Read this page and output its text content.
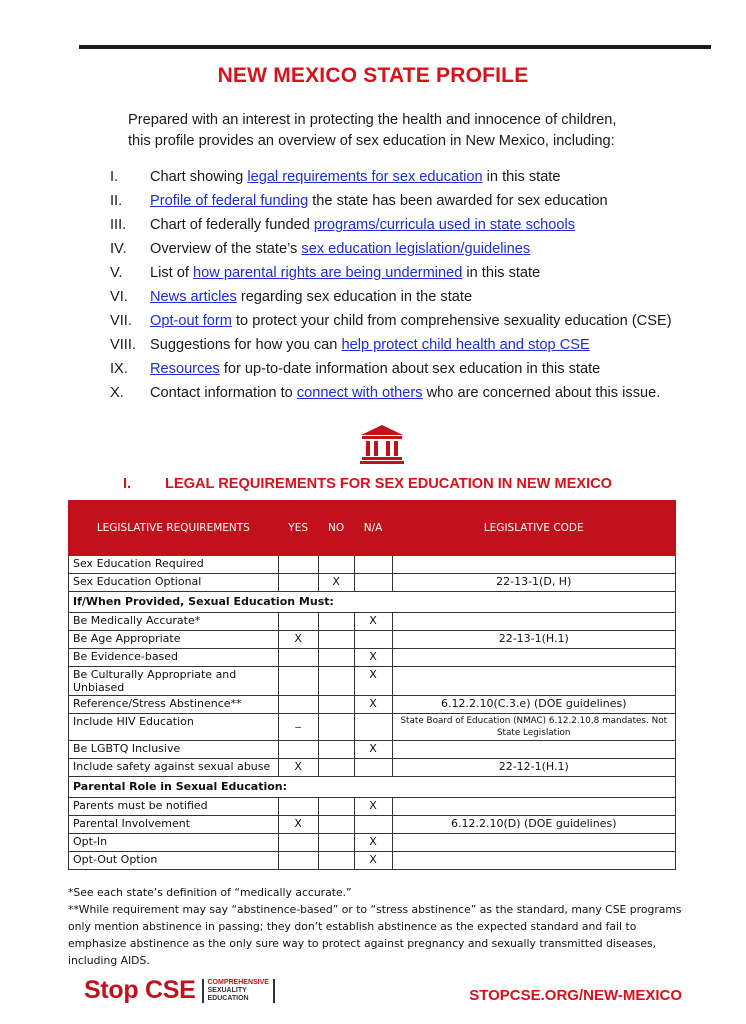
NEW MEXICO STATE PROFILE
Prepared with an interest in protecting the health and innocence of children,
this profile provides an overview of sex education in New Mexico, including:
I.	Chart showing legal requirements for sex education in this state
II.	Profile of federal funding the state has been awarded for sex education
III.	Chart of federally funded programs/curricula used in state schools
IV.	Overview of the state’s sex education legislation/guidelines
V.	List of how parental rights are being undermined in this state
VI.	News articles regarding sex education in the state
VII.	Opt-out form to protect your child from comprehensive sexuality education (CSE)
VIII. Suggestions for how you can help protect child health and stop CSE
IX.	Resources for up-to-date information about sex education in this state
X.	Contact information to connect with others who are concerned about this issue.
I. LEGAL REQUIREMENTS FOR SEX EDUCATION IN NEW MEXICO
LEGISLATIVE REQUIREMENTS	YES	NO	N/A	LEGISLATIVE CODE
Sex Education Required				
Sex Education Optional		X		22-13-1(D, H)
If/When Provided, Sexual Education Must:				
Be Medically Accurate*			X	
Be Age Appropriate	X			22-13-1(H.1)
Be Evidence-based			X	
Be Culturally Appropriate and Unbiased			X	
Reference/Stress Abstinence**			X	6.12.2.10(C.3.e) (DOE guidelines)
Include HIV Education	_			State Board of Education (NMAC) 6.12.2.10,8 mandates. Not State Legislation
Be LGBTQ Inclusive			X	
Include safety against sexual abuse	X			22-12-1(H.1)
Parental Role in Sexual Education:				
Parents must be notified			X	
Parental Involvement	X			6.12.2.10(D) (DOE guidelines)
Opt-In			X	
Opt-Out Option			X	
*See each state’s definition of “medically accurate.”
**While requirement may say “abstinence-based” or to “stress abstinence” as the standard, many CSE programs only mention abstinence in passing; they don’t establish abstinence as the expected standard and fail to emphasize abstinence as the only sure way to protect against pregnancy and sexually transmitted diseases, including AIDS.
Stop CSE COMPREHENSIVE
SEXUALITY
EDUCATION	STOPCSE.ORG/NEW-MEXICO
